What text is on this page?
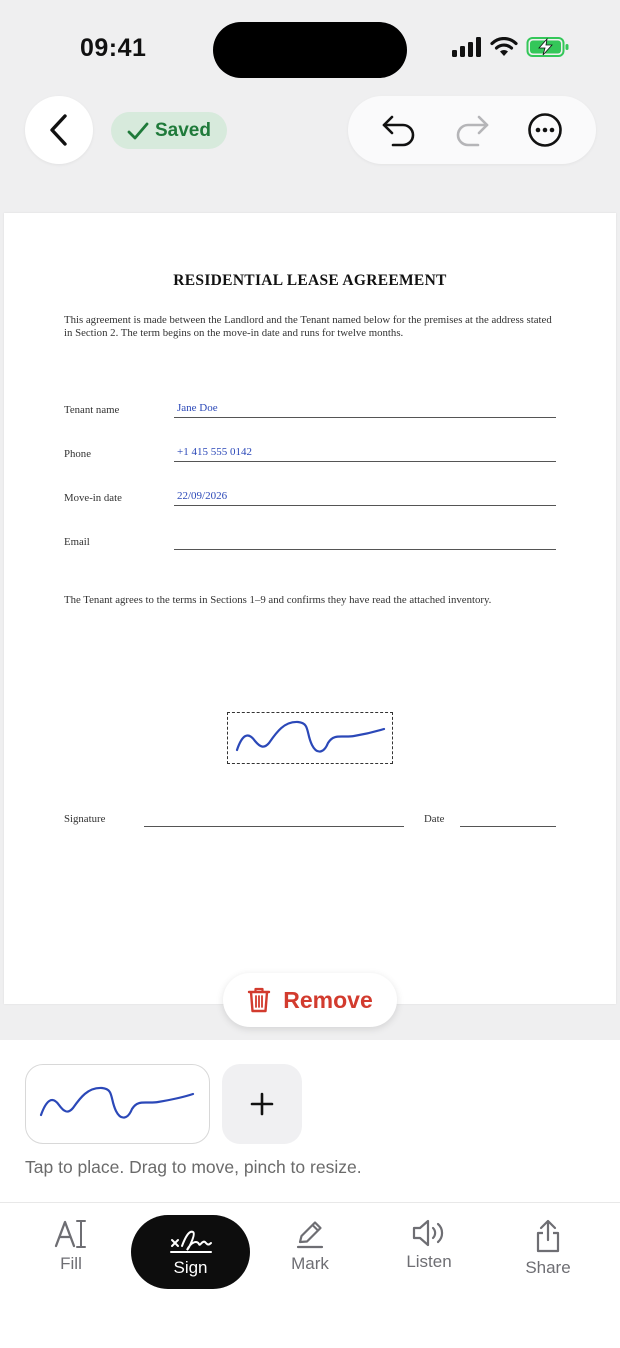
09:41
Saved
RESIDENTIAL LEASE AGREEMENT
This agreement is made between the Landlord and the Tenant named below for the premises at the address stated in Section 2. The term begins on the move-in date and runs for twelve months.
Tenant name	Jane Doe
Phone	+1 415 555 0142
Move-in date	22/09/2026
Email
The Tenant agrees to the terms in Sections 1–9 and confirms they have read the attached inventory.
Signature	Date
Remove
Tap to place. Drag to move, pinch to resize.
Fill	Sign	Mark	Listen	Share
